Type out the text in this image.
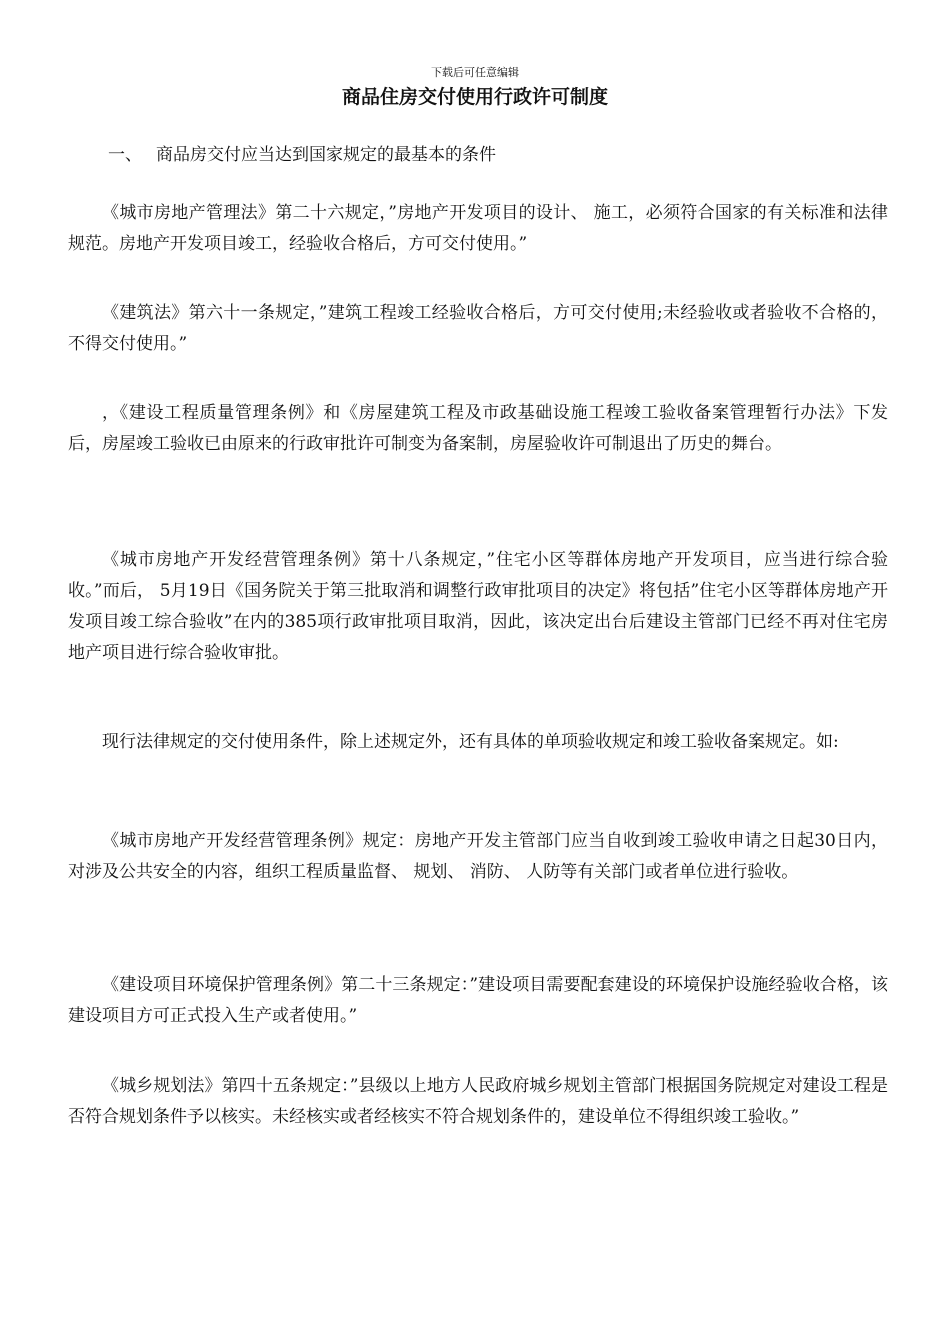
下载后可任意编辑
商品住房交付使用行政许可制度

一、 商品房交付应当达到国家规定的最基本的条件

《城市房地产管理法》第二十六规定，”房地产开发项目的设计、 施工，必须符合国家的有关标准和法律规范。房地产开发项目竣工，经验收合格后，方可交付使用。”

《建筑法》第六十一条规定，”建筑工程竣工经验收合格后，方可交付使用;未经验收或者验收不合格的，不得交付使用。”

，《建设工程质量管理条例》和《房屋建筑工程及市政基础设施工程竣工验收备案管理暂行办法》下发后，房屋竣工验收已由原来的行政审批许可制变为备案制，房屋验收许可制退出了历史的舞台。

《城市房地产开发经营管理条例》第十八条规定，”住宅小区等群体房地产开发项目，应当进行综合验收。”而后， 5月19日《国务院关于第三批取消和调整行政审批项目的决定》将包括”住宅小区等群体房地产开发项目竣工综合验收”在内的385项行政审批项目取消，因此，该决定出台后建设主管部门已经不再对住宅房地产项目进行综合验收审批。

现行法律规定的交付使用条件，除上述规定外，还有具体的单项验收规定和竣工验收备案规定。如:

《城市房地产开发经营管理条例》规定：房地产开发主管部门应当自收到竣工验收申请之日起30日内，对涉及公共安全的内容，组织工程质量监督、 规划、 消防、 人防等有关部门或者单位进行验收。

《建设项目环境保护管理条例》第二十三条规定：”建设项目需要配套建设的环境保护设施经验收合格，该建设项目方可正式投入生产或者使用。”

《城乡规划法》第四十五条规定：”县级以上地方人民政府城乡规划主管部门根据国务院规定对建设工程是否符合规划条件予以核实。未经核实或者经核实不符合规划条件的，建设单位不得组织竣工验收。”
